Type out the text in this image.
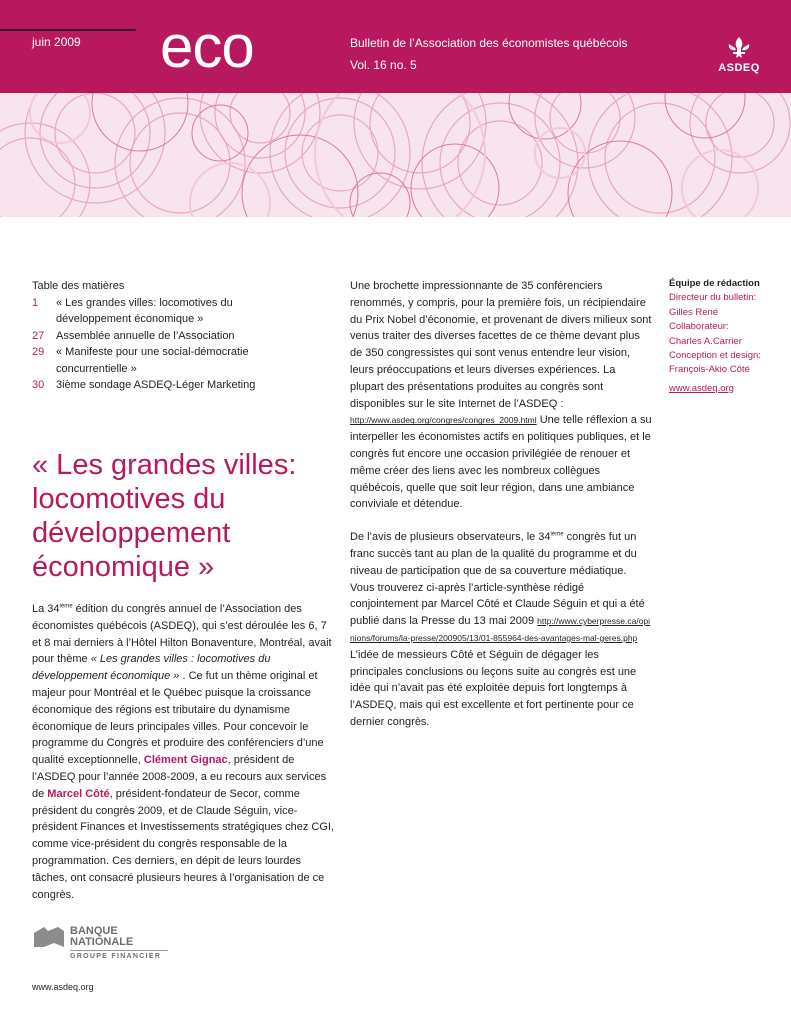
juin 2009 eco	Bulletin de l’Association des économistes québécois
Vol. 16 no. 5	ASDEQ
Table des matières
1	« Les grandes villes: locomotives du développement économique »
27	Assemblée annuelle de l’Association
29	« Manifeste pour une social-démocratie concurrentielle »
30	3ième sondage ASDEQ-Léger Marketing
« Les grandes villes: locomotives du développement économique »

La 34ième édition du congrès annuel de l’Association des économistes québécois (ASDEQ), qui s’est déroulée les 6, 7 et 8 mai derniers à l’Hôtel Hilton Bonaventure, Montréal, avait pour thème « Les grandes villes : locomotives du développement économique » . Ce fut un thème original et majeur pour Montréal et le Québec puisque la croissance économique des régions est tributaire du dynamisme économique de leurs principales villes. Pour concevoir le programme du Congrès et produire des conférenciers d’une qualité exceptionnelle, Clément Gignac, président de l’ASDEQ pour l’année 2008-2009, a eu recours aux services de Marcel Côté, président-fondateur de Secor, comme président du congrès 2009, et de Claude Séguin, vice-président Finances et Investissements stratégiques chez CGI, comme vice-président du congrès responsable de la programmation. Ces derniers, en dépit de leurs lourdes tâches, ont consacré plusieurs heures à l’organisation de ce congrès.

BANQUE
NATIONALE
GROUPE FINANCIER
www.asdeq.org

Une brochette impressionnante de 35 conférenciers renommés, y compris, pour la première fois, un récipiendaire du Prix Nobel d’économie, et provenant de divers milieux sont venus traiter des diverses facettes de ce thème devant plus de 350 congressistes qui sont venus entendre leur vision, leurs préoccupations et leurs diverses expériences. La plupart des présentations produites au congrès sont disponibles sur le site Internet de l’ASDEQ : http://www.asdeq.org/congres/congres_2009.html Une telle réflexion a su interpeller les économistes actifs en politiques publiques, et le congrès fut encore une occasion privilégiée de renouer et même créer des liens avec les nombreux collègues québécois, quelle que soit leur région, dans une ambiance conviviale et détendue.

De l’avis de plusieurs observateurs, le 34ième congrès fut un franc succès tant au plan de la qualité du programme et du niveau de participation que de sa couverture médiatique. Vous trouverez ci-après l’article-synthèse rédigé conjointement par Marcel Côté et Claude Séguin et qui a été publié dans la Presse du 13 mai 2009 http://www.cyberpresse.ca/opinions/forums/la-presse/200905/13/01-855964-des-avantages-mal-geres.php L’idée de messieurs Côté et Séguin de dégager les principales conclusions ou leçons suite au congrès est une idée qui n’avait pas été exploitée depuis fort longtemps à l’ASDEQ, mais qui est excellente et fort pertinente pour ce dernier congrès.

Équipe de rédaction
Directeur du bulletin:
Gilles René
Collaborateur:
Charles A.Carrier
Conception et design:
François-Akio Côté
www.asdeq.org
